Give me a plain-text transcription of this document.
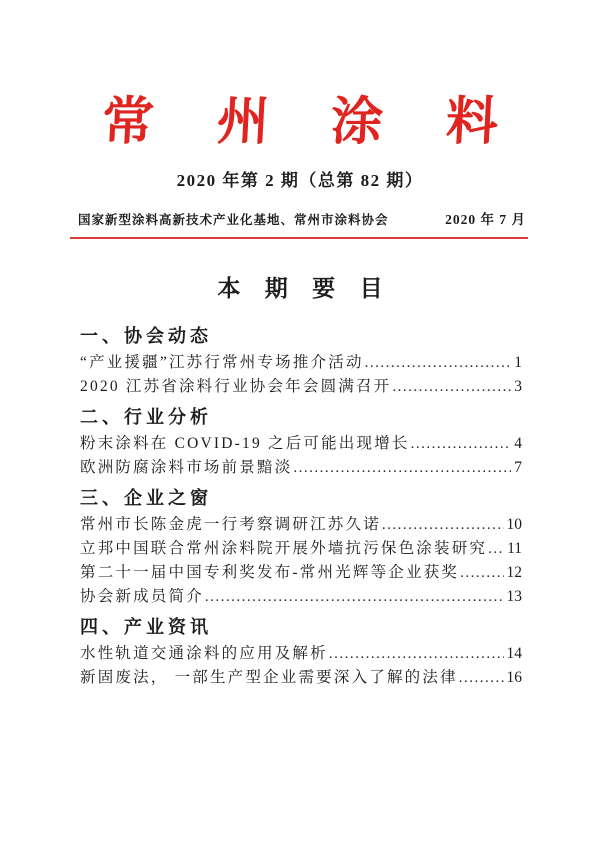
常 州 涂 料
2020 年第 2 期（总第 82 期）
国家新型涂料高新技术产业化基地、常州市涂料协会	2020 年 7 月
本 期 要 目
一、协会动态
“产业援疆”江苏行常州专场推介活动 .....	1
2020 江苏省涂料行业协会年会圆满召开 .....	3
二、行业分析
粉末涂料在 COVID-19 之后可能出现增长 .....	4
欧洲防腐涂料市场前景黯淡 .....	7
三、企业之窗
常州市长陈金虎一行考察调研江苏久诺 .....	10
立邦中国联合常州涂料院开展外墙抗污保色涂装研究 ..... 11
第二十一届中国专利奖发布-常州光辉等企业获奖 .....	12
协会新成员简介 .....	13
四、产业资讯
水性轨道交通涂料的应用及解析 .....	14
新固废法， 一部生产型企业需要深入了解的法律 .....	16
